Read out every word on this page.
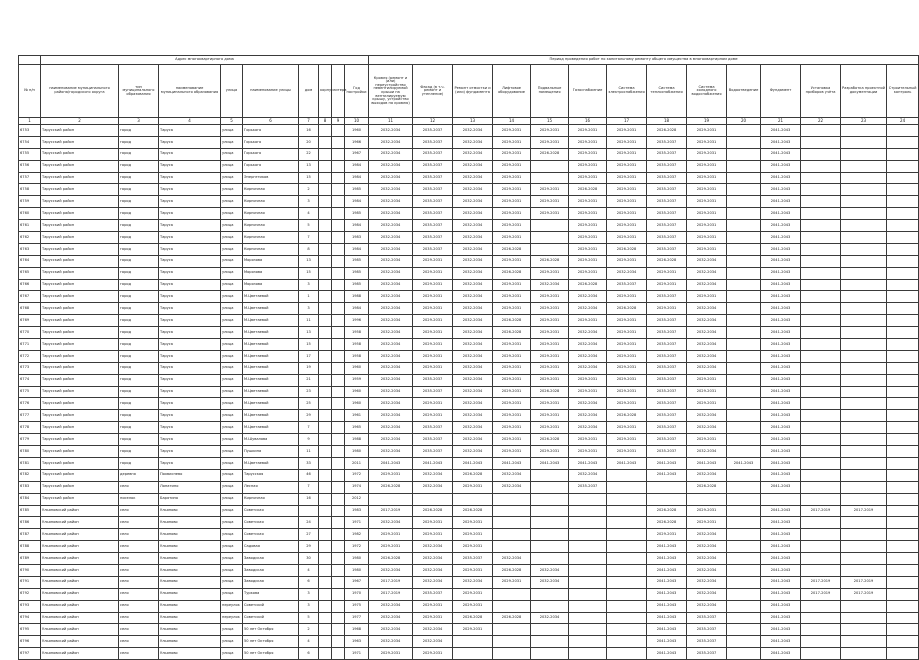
	Адрес многоквартирного дома									Период проведения работ по капитальному ремонту общего имущества в многоквартирном доме													
№ п/п	наименование муниципального района/городского округа	тип муниципального образования	наименование муниципального образования	улица	наименование улицы	дом	корпус	литера	Год постройки	Кровля (ремонт и (или) переустройство невентилируемой крыши на вентилируемую крышу, устройство выходов на кровлю)	Фасад (в т.ч. ремонт и утепление)	Ремонт отмостки и (или) фундамента	Лифтовое оборудование	Подвальные помещения	Газоснабжение	Система электроснабжения	Система теплоснабжения	Система холодного водоснабжения	Водоотведение	Фундамент	Установка приборов учёта	Разработка проектной документации	Строительный контроль
1	2	3	4	5	6	7	8	9	10	11	12	13	14	15	16	17	18	19	20	21	22	23	24
6753	Тарусский район	город	Таруса	улица	Горького	16			1960	2032-2034	2035-2037	2032-2034	2029-2031	2029-2031	2029-2031	2029-2031	2026-2028	2029-2031		2041-2043			
6754	Тарусский район	город	Таруса	улица	Горького	20			1966	2032-2034	2035-2037	2032-2034	2029-2031	2029-2031	2029-2031	2029-2031	2035-2037	2029-2031		2041-2043			
6755	Тарусский район	город	Таруса	улица	Горького	22			1967	2032-2034	2035-2037	2032-2034	2029-2031	2026-2028	2029-2031	2029-2031	2035-2037	2029-2031		2041-2043			
6756	Тарусский район	город	Таруса	улица	Горького	13			1984	2032-2034	2035-2037	2032-2034	2029-2031		2029-2031	2029-2031	2035-2037	2029-2031		2041-2043			
6757	Тарусский район	город	Таруса	улица	Энергетиков	15			1984	2032-2034	2035-2037	2032-2034	2029-2031		2029-2031	2029-2031	2035-2037	2029-2031		2041-2043			
6758	Тарусский район	город	Таруса	улица	Кирпичная	2			1985	2032-2034	2035-2037	2032-2034	2029-2031	2029-2031	2026-2028	2029-2031	2035-2037	2029-2031		2041-2043			
6759	Тарусский район	город	Таруса	улица	Кирпичная	3			1984	2032-2034	2035-2037	2032-2034	2029-2031	2029-2031	2029-2031	2029-2031	2035-2037	2029-2031		2041-2043			
6760	Тарусский район	город	Таруса	улица	Кирпичная	4			1985	2032-2034	2035-2037	2032-2034	2029-2031	2029-2031	2029-2031	2029-2031	2035-2037	2029-2031		2041-2043			
6761	Тарусский район	город	Таруса	улица	Кирпичная	5			1984	2032-2034	2035-2037	2032-2034	2029-2031		2029-2031	2029-2031	2035-2037	2029-2031		2041-2043			
6762	Тарусский район	город	Таруса	улица	Кирпичная	7			1983	2032-2034	2035-2037	2032-2034	2029-2031		2029-2031	2029-2031	2035-2037	2029-2031		2041-2043			
6763	Тарусский район	город	Таруса	улица	Кирпичная	8			1984	2032-2034	2035-2037	2032-2034	2026-2028		2029-2031	2026-2028	2035-2037	2029-2031		2041-2043			
6764	Тарусский район	город	Таруса	улица	Морозова	13			1985	2032-2034	2029-2031	2032-2034	2029-2031	2026-2028	2029-2031	2029-2031	2026-2028	2032-2034		2041-2043			
6765	Тарусский район	город	Таруса	улица	Морозова	15			1985	2032-2034	2029-2031	2032-2034	2026-2028	2029-2031	2029-2031	2032-2034	2029-2031	2032-2034		2041-2043			
6766	Тарусский район	город	Таруса	улица	Морозова	3			1985	2032-2034	2029-2031	2032-2034	2029-2031	2032-2034	2026-2028	2035-2037	2029-2031	2032-2034		2041-2043			
6767	Тарусский район	город	Таруса	улица	М.Цветаевой	1			1988	2032-2034	2029-2031	2032-2034	2029-2031	2029-2031	2032-2034	2029-2031	2035-2037	2029-2031		2041-2043			
6768	Тарусский район	город	Таруса	улица	М.Цветаевой	3			1984	2032-2034	2029-2031	2032-2034	2029-2031	2029-2031	2032-2034	2026-2028	2029-2031	2032-2034		2041-2043			
6769	Тарусский район	город	Таруса	улица	М.Цветаевой	11			1996	2032-2034	2029-2031	2032-2034	2026-2028	2029-2031	2029-2031	2029-2031	2035-2037	2032-2034		2041-2043			
6770	Тарусский район	город	Таруса	улица	М.Цветаевой	13			1958	2032-2034	2029-2031	2032-2034	2026-2028	2029-2031	2032-2034	2029-2031	2035-2037	2032-2034		2041-2043			
6771	Тарусский район	город	Таруса	улица	М.Цветаевой	15			1958	2032-2034	2029-2031	2032-2034	2029-2031	2029-2031	2032-2034	2029-2031	2035-2037	2032-2034		2041-2043			
6772	Тарусский район	город	Таруса	улица	М.Цветаевой	17			1958	2032-2034	2029-2031	2032-2034	2029-2031	2029-2031	2032-2034	2029-2031	2035-2037	2032-2034		2041-2043			
6773	Тарусский район	город	Таруса	улица	М.Цветаевой	19			1960	2032-2034	2029-2031	2032-2034	2029-2031	2029-2031	2032-2034	2029-2031	2035-2037	2032-2034		2041-2043			
6774	Тарусский район	город	Таруса	улица	М.Цветаевой	21			1959	2032-2034	2035-2037	2032-2034	2029-2031	2029-2031	2029-2031	2029-2031	2035-2037	2029-2031		2041-2043			
6775	Тарусский район	город	Таруса	улица	М.Цветаевой	23			1960	2032-2034	2035-2037	2032-2034	2029-2031	2026-2028	2029-2031	2029-2031	2035-2037	2029-2031		2041-2043			
6776	Тарусский район	город	Таруса	улица	М.Цветаевой	25			1960	2032-2034	2029-2031	2032-2034	2029-2031	2029-2031	2032-2034	2029-2031	2035-2037	2029-2031		2041-2043			
6777	Тарусский район	город	Таруса	улица	М.Цветаевой	29			1961	2032-2034	2029-2031	2032-2034	2029-2031	2029-2031	2032-2034	2026-2028	2035-2037	2032-2034		2041-2043			
6778	Тарусский район	город	Таруса	улица	М.Цветаевой	7			1965	2032-2034	2035-2037	2032-2034	2029-2031	2029-2031	2032-2034	2029-2031	2035-2037	2032-2034		2041-2043			
6779	Тарусский район	город	Таруса	улица	М.Шувалова	9			1988	2032-2034	2035-2037	2032-2034	2029-2031	2026-2028	2029-2031	2029-2031	2035-2037	2029-2031		2041-2043			
6780	Тарусский район	город	Таруса	улица	Пушкина	11			1980	2032-2034	2035-2037	2032-2034	2029-2031	2029-2031	2029-2031	2029-2031	2035-2037	2032-2034		2041-2043			
6781	Тарусский район	город	Таруса	улица	М.Цветаевой	33			2011	2041-2043	2041-2043	2041-2043	2041-2043	2041-2043	2041-2043	2041-2043	2041-2043	2041-2043	2041-2043	2041-2043			
6782	Тарусский район	деревня	Похвиснево	улица	Тарусская	46			1972	2029-2031	2032-2034	2026-2028	2032-2034		2032-2034		2041-2043	2032-2034		2041-2043			
6783	Тарусский район	село	Лопатино	улица	Лесная	7			1974	2026-2028	2032-2034	2029-2031	2032-2034		2035-2037			2026-2028		2041-2043			
6784	Тарусский район	поселок	Барятино	улица	Кирпичная	16			2012														
6785	Ульяновский район	село	Ульяново	улица	Советская				1983	2017-2019	2026-2028	2026-2028					2026-2028	2029-2031		2041-2043	2017-2019	2017-2019	
6786	Ульяновский район	село	Ульяново	улица	Советская	24			1971	2032-2034	2029-2031	2029-2031					2026-2028	2029-2031		2041-2043			
6787	Ульяновский район	село	Ульяново	улица	Советская	27			1982	2029-2031	2029-2031	2029-2031					2029-2031	2032-2034		2041-2043			
6788	Ульяновский район	село	Ульяново	улица	Садовая	29			1972	2029-2031	2032-2034	2029-2031					2041-2043	2032-2034		2041-2043			
6789	Ульяновский район	село	Ульяново	улица	Заводская	30			1980	2026-2028	2032-2034	2035-2037	2032-2034				2041-2043	2032-2034		2041-2043			
6790	Ульяновский район	село	Ульяново	улица	Заводская	4			1980	2032-2034	2032-2034	2029-2031	2026-2028	2032-2034			2041-2043	2032-2034		2041-2043			
6791	Ульяновский район	село	Ульяново	улица	Заводская	6			1967	2017-2019	2032-2034	2032-2034	2029-2031	2032-2034			2041-2043	2032-2034		2041-2043	2017-2019	2017-2019	
6792	Ульяновский район	село	Ульяново	улица	Туркова	3			1970	2017-2019	2035-2037	2029-2031					2041-2043	2032-2034		2041-2043	2017-2019	2017-2019	
6793	Ульяновский район	село	Ульяново	переулок	Советский	3			1975	2032-2034	2029-2031	2029-2031					2041-2043	2032-2034		2041-2043			
6794	Ульяновский район	село	Ульяново	переулок	Советский	5			1977	2032-2034	2029-2031	2026-2028	2026-2028	2032-2034			2041-2043	2035-2037		2041-2043			
6795	Ульяновский район	село	Ульяново	улица	50 лет Октября	2			1968	2032-2034	2032-2034	2029-2031					2041-2043	2035-2037		2041-2043			
6796	Ульяновский район	село	Ульяново	улица	50 лет Октября	4			1963	2032-2034	2032-2034						2041-2043	2035-2037		2041-2043			
6797	Ульяновский район	село	Ульяново	улица	50 лет Октября	6			1971	2029-2031	2029-2031						2041-2043	2035-2037		2041-2043			
